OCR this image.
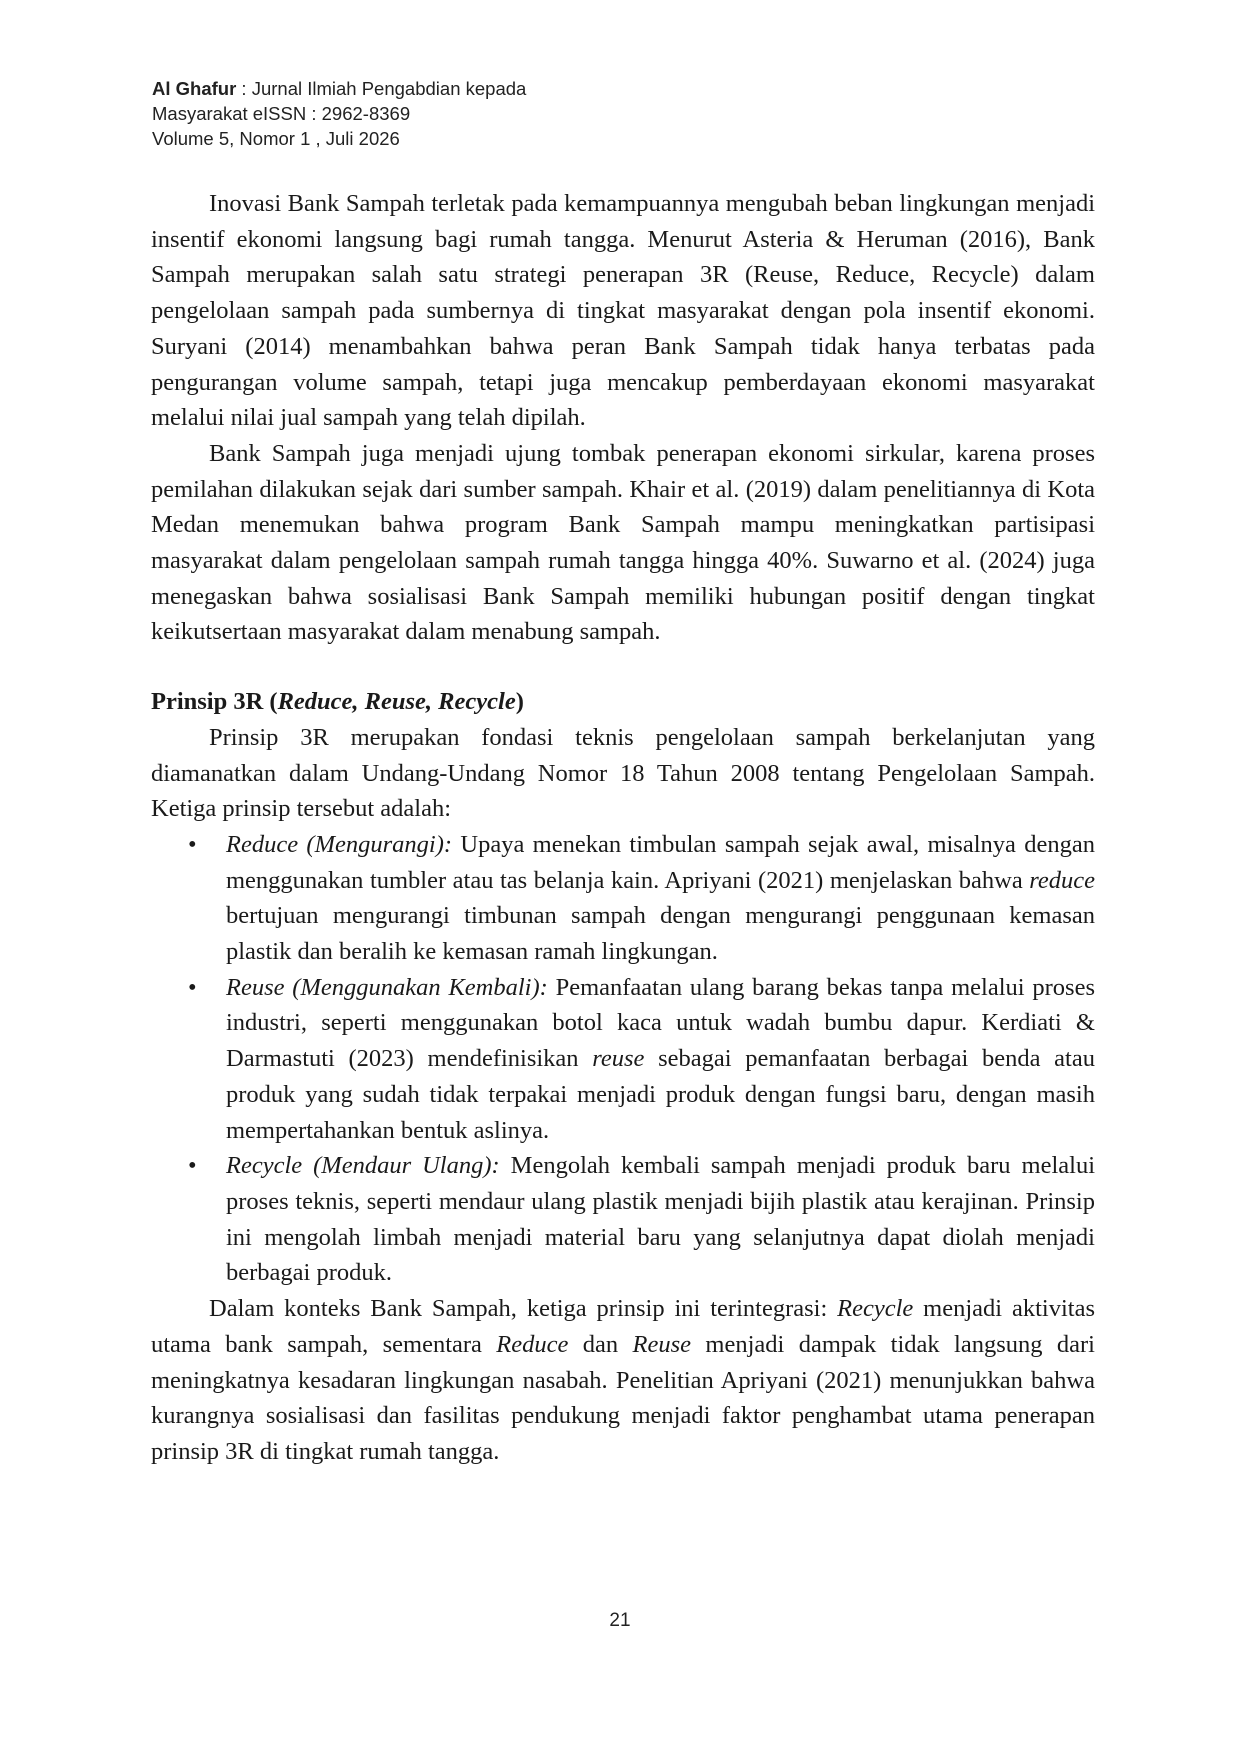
Al Ghafur : Jurnal Ilmiah Pengabdian kepada
Masyarakat eISSN : 2962-8369
Volume 5, Nomor 1 , Juli 2026

Inovasi Bank Sampah terletak pada kemampuannya mengubah beban lingkungan menjadi insentif ekonomi langsung bagi rumah tangga. Menurut Asteria & Heruman (2016), Bank Sampah merupakan salah satu strategi penerapan 3R (Reuse, Reduce, Recycle) dalam pengelolaan sampah pada sumbernya di tingkat masyarakat dengan pola insentif ekonomi. Suryani (2014) menambahkan bahwa peran Bank Sampah tidak hanya terbatas pada pengurangan volume sampah, tetapi juga mencakup pemberdayaan ekonomi masyarakat melalui nilai jual sampah yang telah dipilah.

Bank Sampah juga menjadi ujung tombak penerapan ekonomi sirkular, karena proses pemilahan dilakukan sejak dari sumber sampah. Khair et al. (2019) dalam penelitiannya di Kota Medan menemukan bahwa program Bank Sampah mampu meningkatkan partisipasi masyarakat dalam pengelolaan sampah rumah tangga hingga 40%. Suwarno et al. (2024) juga menegaskan bahwa sosialisasi Bank Sampah memiliki hubungan positif dengan tingkat keikutsertaan masyarakat dalam menabung sampah.

Prinsip 3R (Reduce, Reuse, Recycle)

Prinsip 3R merupakan fondasi teknis pengelolaan sampah berkelanjutan yang diamanatkan dalam Undang-Undang Nomor 18 Tahun 2008 tentang Pengelolaan Sampah. Ketiga prinsip tersebut adalah:

• Reduce (Mengurangi): Upaya menekan timbulan sampah sejak awal, misalnya dengan menggunakan tumbler atau tas belanja kain. Apriyani (2021) menjelaskan bahwa reduce bertujuan mengurangi timbunan sampah dengan mengurangi penggunaan kemasan plastik dan beralih ke kemasan ramah lingkungan.
• Reuse (Menggunakan Kembali): Pemanfaatan ulang barang bekas tanpa melalui proses industri, seperti menggunakan botol kaca untuk wadah bumbu dapur. Kerdiati & Darmastuti (2023) mendefinisikan reuse sebagai pemanfaatan berbagai benda atau produk yang sudah tidak terpakai menjadi produk dengan fungsi baru, dengan masih mempertahankan bentuk aslinya.
• Recycle (Mendaur Ulang): Mengolah kembali sampah menjadi produk baru melalui proses teknis, seperti mendaur ulang plastik menjadi bijih plastik atau kerajinan. Prinsip ini mengolah limbah menjadi material baru yang selanjutnya dapat diolah menjadi berbagai produk.

Dalam konteks Bank Sampah, ketiga prinsip ini terintegrasi: Recycle menjadi aktivitas utama bank sampah, sementara Reduce dan Reuse menjadi dampak tidak langsung dari meningkatnya kesadaran lingkungan nasabah. Penelitian Apriyani (2021) menunjukkan bahwa kurangnya sosialisasi dan fasilitas pendukung menjadi faktor penghambat utama penerapan prinsip 3R di tingkat rumah tangga.

21
